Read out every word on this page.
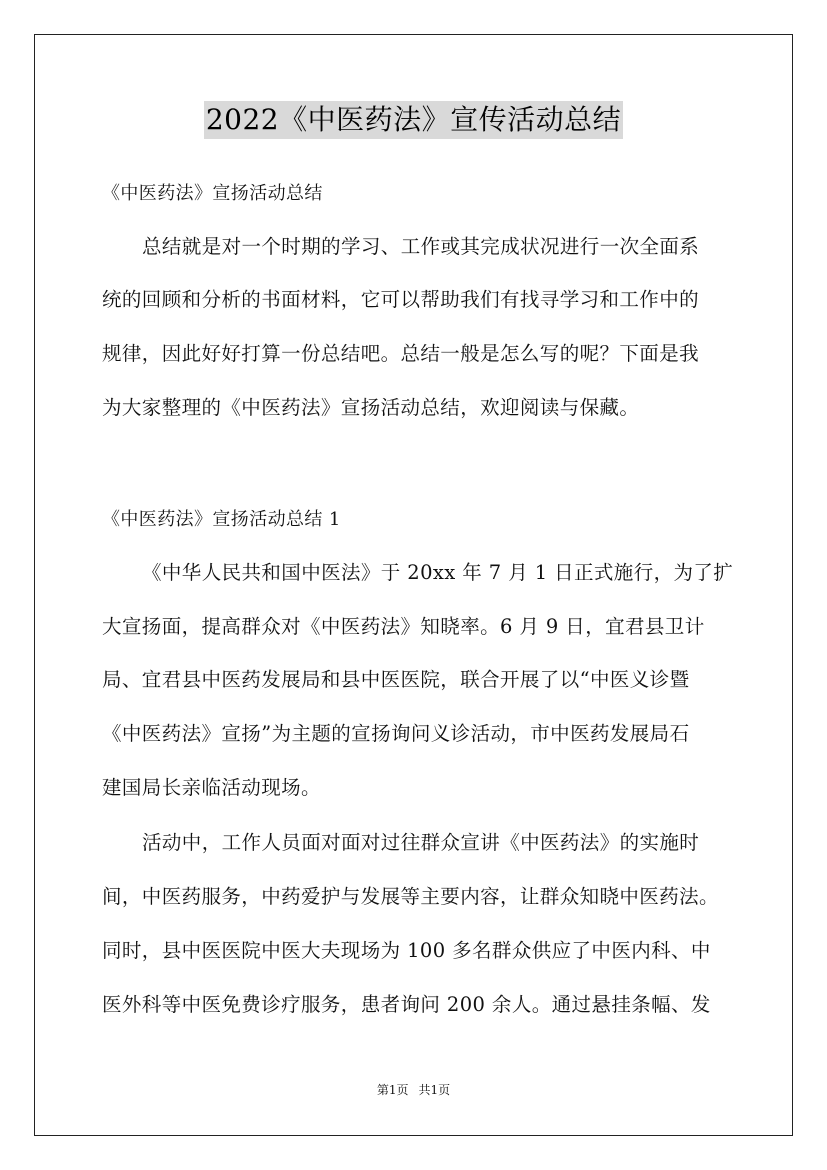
2022《中医药法》宣传活动总结
《中医药法》宣扬活动总结
总结就是对一个时期的学习、工作或其完成状况进行一次全面系
统的回顾和分析的书面材料，它可以帮助我们有找寻学习和工作中的
规律，因此好好打算一份总结吧。总结一般是怎么写的呢？下面是我
为大家整理的《中医药法》宣扬活动总结，欢迎阅读与保藏。
《中医药法》宣扬活动总结 1
《中华人民共和国中医法》于 20xx 年 7 月 1 日正式施行，为了扩
大宣扬面，提高群众对《中医药法》知晓率。6 月 9 日，宜君县卫计
局、宜君县中医药发展局和县中医医院，联合开展了以“中医义诊暨
《中医药法》宣扬”为主题的宣扬询问义诊活动，市中医药发展局石
建国局长亲临活动现场。
活动中，工作人员面对面对过往群众宣讲《中医药法》的实施时
间，中医药服务，中药爱护与发展等主要内容，让群众知晓中医药法。
同时，县中医医院中医大夫现场为 100 多名群众供应了中医内科、中
医外科等中医免费诊疗服务，患者询问 200 余人。通过悬挂条幅、发
第1页 共1页
